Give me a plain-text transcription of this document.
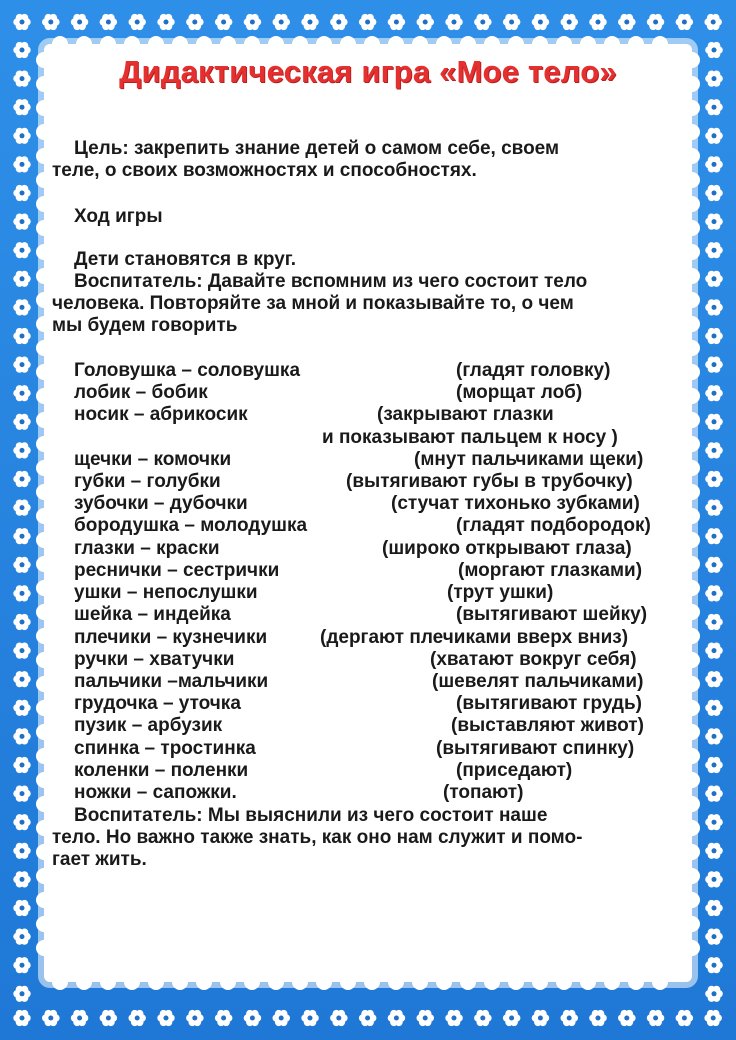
Дидактическая игра «Мое тело»
Цель: закрепить знание детей о самом себе, своем
теле, о своих возможностях и способностях.
Ход игры
Дети становятся в круг.
Воспитатель: Давайте вспомним из чего состоит тело
человека. Повторяйте за мной и показывайте то, о чем
мы будем говорить
Головушка – соловушка	(гладят головку)
лобик – бобик	(морщат лоб)
носик – абрикосик	(закрывают глазки
и показывают пальцем к носу )
щечки – комочки	(мнут пальчиками щеки)
губки – голубки	(вытягивают губы в трубочку)
зубочки – дубочки	(стучат тихонько зубками)
бородушка – молодушка	(гладят подбородок)
глазки – краски	(широко открывают глаза)
реснички – сестрички	(моргают глазками)
ушки – непослушки	(трут ушки)
шейка – индейка	(вытягивают шейку)
плечики – кузнечики	(дергают плечиками вверх вниз)
ручки – хватучки	(хватают вокруг себя)
пальчики –мальчики	(шевелят пальчиками)
грудочка – уточка	(вытягивают грудь)
пузик – арбузик	(выставляют живот)
спинка – тростинка	(вытягивают спинку)
коленки – поленки	(приседают)
ножки – сапожки.	(топают)
Воспитатель: Мы выяснили из чего состоит наше
тело. Но важно также знать, как оно нам служит и помо-
гает жить.
